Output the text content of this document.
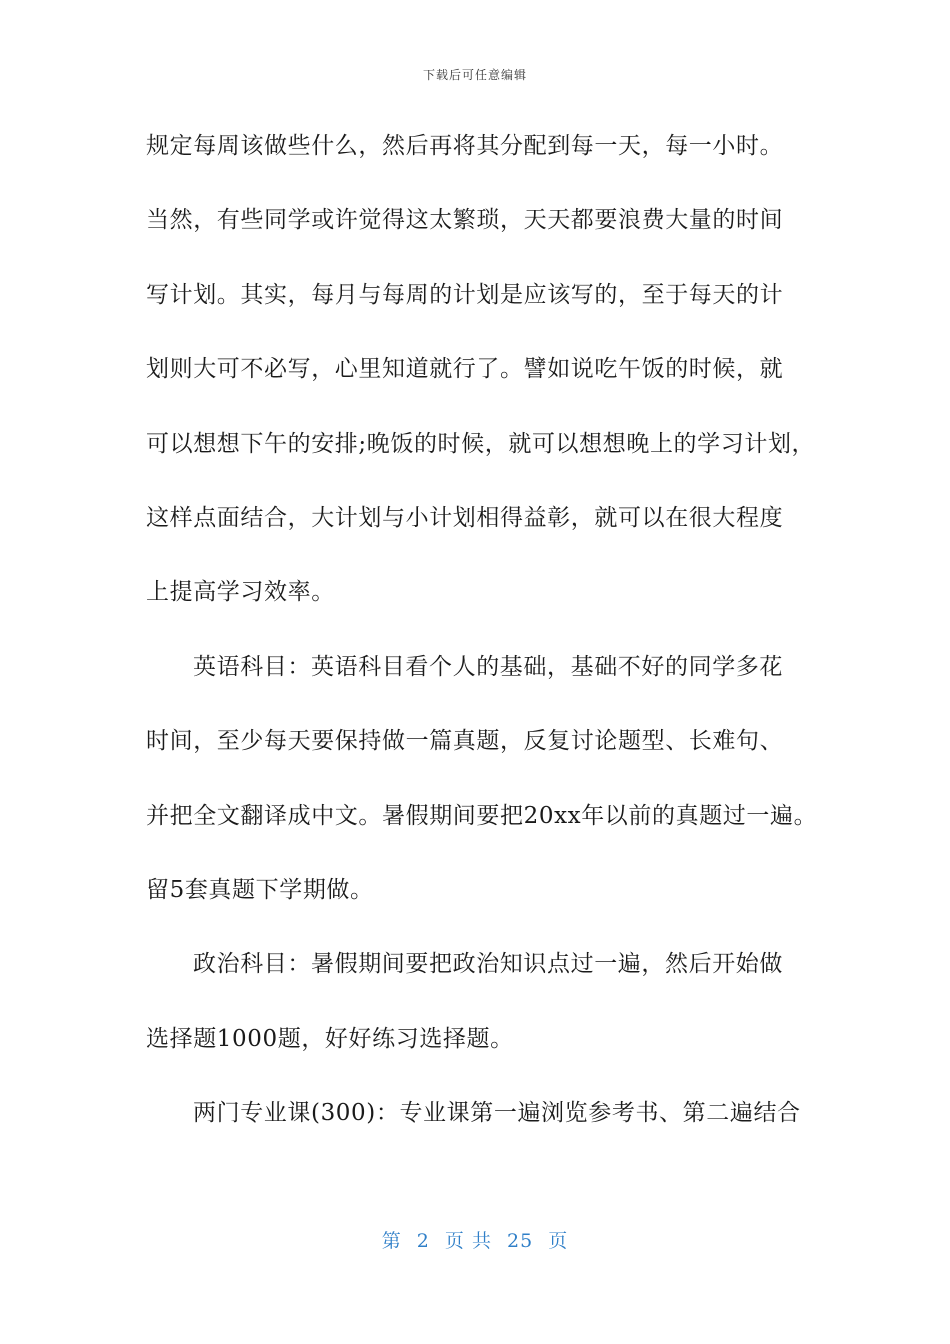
下载后可任意编辑
规定每周该做些什么，然后再将其分配到每一天，每一小时。
当然，有些同学或许觉得这太繁琐，天天都要浪费大量的时间
写计划。其实，每月与每周的计划是应该写的，至于每天的计
划则大可不必写，心里知道就行了。譬如说吃午饭的时候，就
可以想想下午的安排;晚饭的时候，就可以想想晚上的学习计划，
这样点面结合，大计划与小计划相得益彰，就可以在很大程度
上提高学习效率。
英语科目：英语科目看个人的基础，基础不好的同学多花
时间，至少每天要保持做一篇真题，反复讨论题型、长难句、
并把全文翻译成中文。暑假期间要把20xx年以前的真题过一遍。
留5套真题下学期做。
政治科目：暑假期间要把政治知识点过一遍，然后开始做
选择题1000题，好好练习选择题。
两门专业课(300)：专业课第一遍浏览参考书、第二遍结合
第 2 页 共 25 页
